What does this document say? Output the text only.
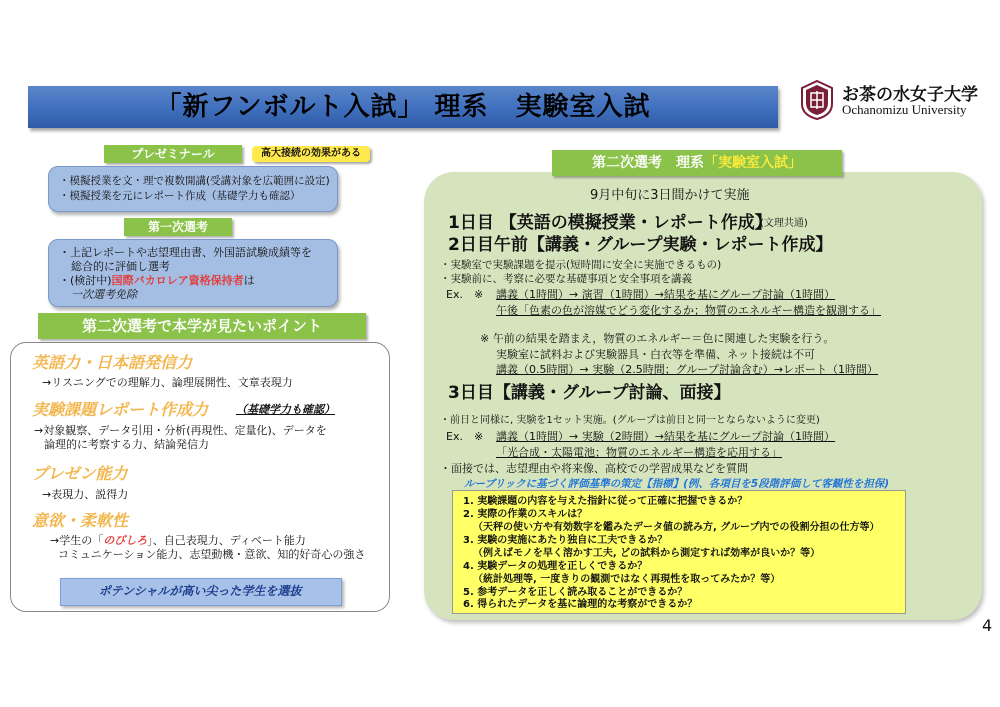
「新フンボルト入試」 理系　実験室入試	お茶の水女子大学
Ochanomizu University
プレゼミナール	高大接続の効果がある
・模擬授業を文・理で複数開講(受講対象を広範囲に設定)
・模擬授業を元にレポート作成（基礎学力も確認）
第一次選考
・上記レポートや志望理由書、外国語試験成績等を
総合的に評価し選考
・(検討中)国際バカロレア資格保持者は
一次選考免除
第二次選考で本学が見たいポイント
英語力・日本語発信力
→リスニングでの理解力、論理展開性、文章表現力
実験課題レポート作成力	（基礎学力も確認）
→対象観察、データ引用・分析(再現性、定量化)、データを
論理的に考察する力、結論発信力
プレゼン能力
→表現力、説得力
意欲・柔軟性
→学生の「のびしろ」、自己表現力、ディベート能力
コミュニケーション能力、志望動機・意欲、知的好奇心の強さ
ポテンシャルが高い尖った学生を選抜
第二次選考　理系「実験室入試」
9月中旬に3日間かけて実施
1日目 【英語の模擬授業・レポート作成】
(文理共通)
2日目午前【講義・グループ実験・レポート作成】
・実験室で実験課題を提示(短時間に安全に実施できるもの)
・実験前に、考察に必要な基礎事項と安全事項を講義
Ex.　※ 講義（1時間）→ 演習（1時間）→結果を基にグループ討論（1時間）
午後「色素の色が溶媒でどう変化するか；物質のエネルギー構造を観測する」
※ 午前の結果を踏まえ，物質のエネルギー＝色に関連した実験を行う。
実験室に試料および実験器具・白衣等を準備、ネット接続は不可
講義（0.5時間）→ 実験（2.5時間；グループ討論含む）→レポート（1時間）
3日目【講義・グループ討論、面接】
・前日と同様に, 実験を1セット実施。(グループは前日と同一とならないように変更)
Ex.　※ 講義（1時間）→ 実験（2時間）→結果を基にグループ討論（1時間）
「光合成・太陽電池；物質のエネルギー構造を応用する」
・面接では、志望理由や将来像、高校での学習成果などを質問
ルーブリックに基づく評価基準の策定【指標】(例、各項目を5段階評価して客観性を担保)
1. 実験課題の内容を与えた指針に従って正確に把握できるか？
2. 実際の作業のスキルは？
（天秤の使い方や有効数字を鑑みたデータ値の読み方, グループ内での役割分担の仕方等）
3. 実験の実施にあたり独自に工夫できるか？
（例えばモノを早く溶かす工夫, どの試料から測定すれば効率が良いか？等）
4. 実験データの処理を正しくできるか？
（統計処理等, 一度きりの観測ではなく再現性を取ってみたか？等）
5. 参考データを正しく読み取ることができるか？
6. 得られたデータを基に論理的な考察ができるか？
4
